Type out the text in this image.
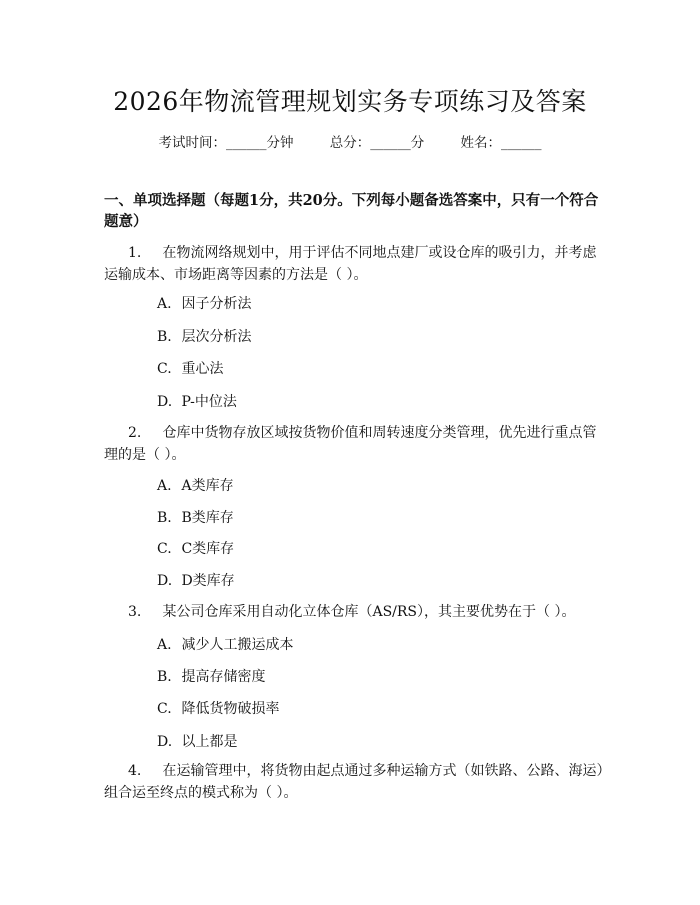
2026年物流管理规划实务专项练习及答案
考试时间：______分钟	总分：______分	姓名：______
一、单项选择题（每题1分，共20分。下列每小题备选答案中，只有一个符合题意）
1. 在物流网络规划中，用于评估不同地点建厂或设仓库的吸引力，并考虑运输成本、市场距离等因素的方法是（ ）。
A. 因子分析法
B. 层次分析法
C. 重心法
D. P-中位法
2. 仓库中货物存放区域按货物价值和周转速度分类管理，优先进行重点管理的是（ ）。
A. A类库存
B. B类库存
C. C类库存
D. D类库存
3. 某公司仓库采用自动化立体仓库（AS/RS），其主要优势在于（ ）。
A. 减少人工搬运成本
B. 提高存储密度
C. 降低货物破损率
D. 以上都是
4. 在运输管理中，将货物由起点通过多种运输方式（如铁路、公路、海运）组合运至终点的模式称为（ ）。
